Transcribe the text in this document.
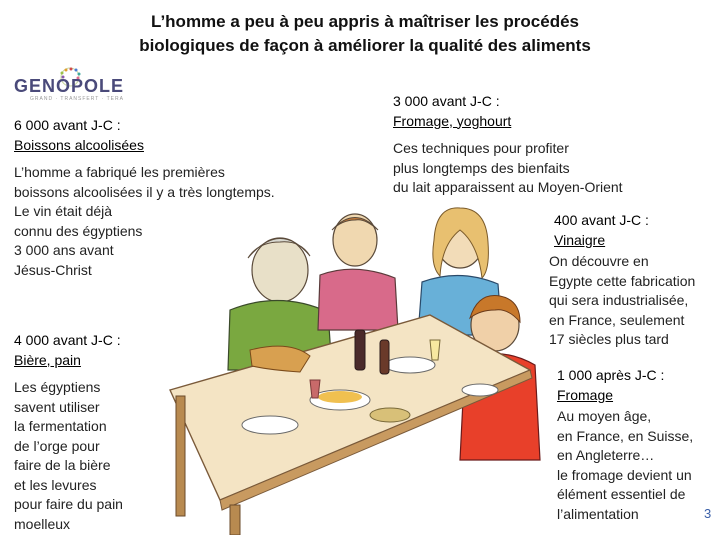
L’homme a peu à peu appris à maîtriser les procédés
biologiques de façon à améliorer la qualité des aliments
GENOPOLE
GRAND · TRANSFERT · TERA
6 000 avant J-C :
Boissons alcoolisées
L’homme a fabriqué les premières
boissons alcoolisées il y a très longtemps.
Le vin était déjà
connu des égyptiens
3 000 ans avant
Jésus-Christ
4 000 avant J-C :
Bière, pain
Les égyptiens
savent utiliser
la fermentation
de l’orge pour
faire de la bière
et les levures
pour faire du pain
moelleux
3 000 avant J-C :
Fromage, yoghourt
Ces techniques pour profiter
plus longtemps des bienfaits
du lait apparaissent au Moyen-Orient
400 avant J-C :
Vinaigre
On découvre en
Egypte cette fabrication
qui sera industrialisée,
en France, seulement
17 siècles plus tard
1 000 après J-C :
Fromage
Au moyen âge,
en France, en Suisse,
en Angleterre…
le fromage devient un
élément essentiel de
l’alimentation	3
